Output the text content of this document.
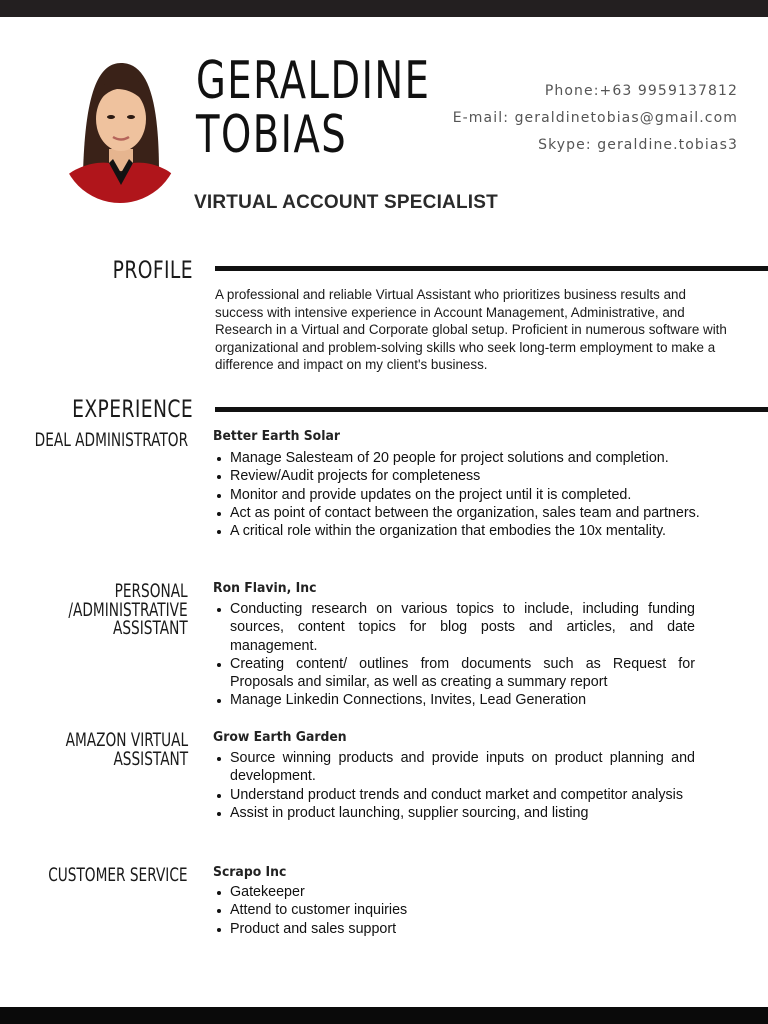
GERALDINE
TOBIAS
VIRTUAL ACCOUNT SPECIALIST
Phone:+63 9959137812
E-mail: geraldinetobias@gmail.com
Skype: geraldine.tobias3
PROFILE
A professional and reliable Virtual Assistant who prioritizes business results and success with intensive experience in Account Management, Administrative, and Research in a Virtual and Corporate global setup. Proficient in numerous software with organizational and problem-solving skills who seek long-term employment to make a difference and impact on my client's business.
EXPERIENCE
DEAL ADMINISTRATOR Better Earth Solar
Manage Salesteam of 20 people for project solutions and completion.
Review/Audit projects for completeness
Monitor and provide updates on the project until it is completed.
Act as point of contact between the organization, sales team and partners.
A critical role within the organization that embodies the 10x mentality.
PERSONAL
/ADMINISTRATIVE
ASSISTANT
Ron Flavin, Inc
Conducting research on various topics to include, including funding sources, content topics for blog posts and articles, and date management.
Creating content/ outlines from documents such as Request for Proposals and similar, as well as creating a summary report
Manage Linkedin Connections, Invites, Lead Generation
AMAZON VIRTUAL
ASSISTANT
Grow Earth Garden
Source winning products and provide inputs on product planning and development.
Understand product trends and conduct market and competitor analysis
Assist in product launching, supplier sourcing, and listing
CUSTOMER SERVICE Scrapo Inc
Gatekeeper
Attend to customer inquiries
Product and sales support
